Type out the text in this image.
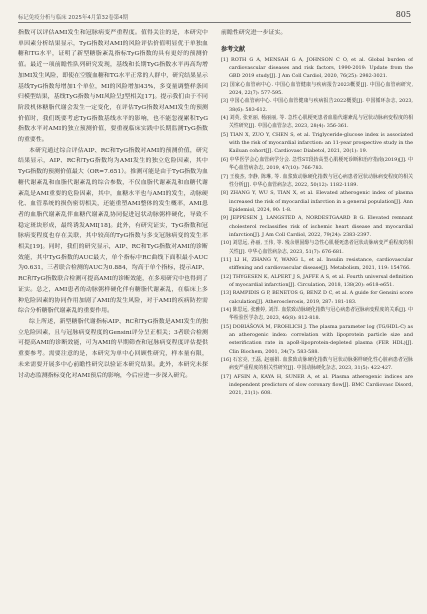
标记免疫分析与临床 2025年4月第32卷第4期	805

指数可以评估AMI发生和冠脉病变严重程度。值得关注的是，本研究中单因素分析结果显示，TyG指数对AMI的风险评估价值明显优于单独血糖和TG水平，证明了新型糖脂紊乱指标TyG指数的具有更好的预测价值。最近一项前瞻性队列研究发现，基线和长期TyG指数水平再高均增加MI发生风险，即使在空腹血糖和TG水平正常的人群中，研究结果显示基线TyG指数每增加1个单位，MI的风险增加43%，多变量调整样条回归模型结果，基线TyG指数与MI风险呈J型相关[17]。提示我们由于不同阶段机体糖脂代谢会发生一定变化，在评估TyG指数对AMI发生的预测价值时，我们既要考虑TyG指数基线水平的影响，也不能忽视累积TyG指数水平对AMI的独立预测价值，要重视临床实践中长期监测TyG指数的重要性。

本研究通过综合评估AIP、RC和TyG指数对AMI的预测价值，研究结果显示，AIP、RC和TyG指数均为AMI发生的独立危险因素，其中TyG指数的预测价值最大（OR=7.651）。推测可能是由于TyG指数为血糖代谢紊乱和血脂代谢紊乱的综合参数，不仅血脂代谢紊乱和血糖代谢紊乱是AMI重要的危险因素，其中，血糖水平也与AMI的发生，动脉硬化、血管系统的损伤密切相关，还能重塑AMI整体的发生概率，AMI患者的血脂代谢紊乱伴血糖代谢紊乱协同促进冠状动脉粥样硬化，导致不稳定斑块形成，最终诱发AMI[18]。此外，有研究证实，TyG指数和冠脉病变程度也存在关联，其中较高的TyG指数与多支冠脉病变的发生率相关[19]。同时，我们的研究显示，AIP、RC和TyG指数对AMI的诊断效能，其中TyG指数的AUC最大，单个指标中RC曲线下面积最小AUC为0.631，三者联合检测的AUC为0.884，均高于单个指标，提示AIP、RC和TyG指数联合检测可提高AMI的诊断效能，在多项研究中也得到了证实。总之，AMI患者的动脉粥样硬化伴有糖脂代谢紊乱，在临床上多种危险因素的协同作用加剧了AMI的发生风险，对于AMI的疾病防控需综合分析糖脂代谢紊乱的重要作用。

综上所述，新型糖脂代谢指标AIP、RC和TyG指数是AMI发生的独立危险因素，且与冠脉病变程度的Gensini评分呈正相关；3者联合检测可提高AMI的诊断效能，可为AMI的早期筛查和冠脉病变程度评估提供重要参考。需要注意的是，本研究为单中心回顾性研究，样本量有限，未来需要开展多中心前瞻性研究以验证本研究结果。此外，本研究未探讨动态监测指标变化对AMI预后的影响，今后应进一步深入研究。

前瞻性研究进一步证实。

参考文献

[1] ROTH G A, MENSAH G A, JOHNSON C O, et al. Global burden of cardiovascular diseases and risk factors, 1990-2019: Update from the GBD 2019 study[J]. J Am Coll Cardiol, 2020, 76(25): 2982-3021.

[2] 国家心血管病中心. 中国心血管健康与疾病报告2023概要[J]. 中国心血管病研究, 2024, 22(7): 577-595.

[3] 中国心血管病中心. 中国心血管健康与疾病报告2022概要[J]. 中国循环杂志, 2023, 38(6): 583-612.

[4] 刘英, 张亚丽, 杨丽丽, 等. 急性心肌梗死患者血脂代谢紊乱与冠状动脉病变程度的相关性研究[J]. 中国心血管杂志, 2023, 28(4): 356-361.

[5] TIAN X, ZUO Y, CHEN S, et al. Triglyceride-glucose index is associated with the risk of myocardial infarction: an 11-year prospective study in the Kailuan cohort[J]. Cardiovasc Diabetol, 2021, 20(1): 19.

[6] 中华医学会心血管病学分会. 急性ST段抬高型心肌梗死诊断和治疗指南(2019)[J]. 中华心血管病杂志, 2019, 47(10): 766-783.

[7] 王俊杰, 李静, 陈琳, 等. 血浆致动脉硬化指数与冠心病患者冠状动脉病变程度的相关性分析[J]. 中华心血管病杂志, 2022, 50(12): 1182-1189.

[8] ZHANG Y, WU S, TIAN X, et al. Elevated atherogenic index of plasma increased the risk of myocardial infarction in a general population[J]. Ann Epidemiol, 2024, 90: 1-8.

[9] JEPPESEN J, LANGSTED A, NORDESTGAARD B G. Elevated remnant cholesterol reclassifies risk of ischemic heart disease and myocardial infarction[J]. J Am Coll Cardiol, 2022, 79(24): 2383-2397.

[10] 刘思远, 孙丽, 王伟, 等. 残余胆固醇与急性心肌梗死患者冠状动脉病变严重程度的相关性[J]. 中华心血管病杂志, 2023, 51(7): 676-681.

[11] LI H, ZHANG Y, WANG L, et al. Insulin resistance, cardiovascular stiffening and cardiovascular disease[J]. Metabolism, 2021, 119: 154766.

[12] THYGESEN K, ALPERT J S, JAFFE A S, et al. Fourth universal definition of myocardial infarction[J]. Circulation, 2018, 138(20): e618-e651.

[13] RAMPIDIS G P, BENETOS G, BENZ D C, et al. A guide for Gensini score calculation[J]. Atherosclerosis, 2019, 287: 181-183.

[14] 陈思远, 张雅婷, 刘洋. 血浆致动脉硬化指数与冠心病患者冠脉病变程度的关系[J]. 中华检验医学杂志, 2023, 46(8): 812-818.

[15] DOBIÁŠOVÁ M, FROHLICH J. The plasma parameter log (TG/HDL-C) as an atherogenic index: correlation with lipoprotein particle size and esterification rate in apoB-lipoprotein-depleted plasma (FER HDL)[J]. Clin Biochem, 2001, 34(7): 583-588.

[16] 石宏亮, 王磊, 赵丽娟. 血浆致动脉硬化指数与冠状动脉粥样硬化性心脏病患者冠脉病变严重程度的相关性研究[J]. 中国动脉硬化杂志, 2023, 31(5): 422-427.

[17] AFSIN A, KAYA H, SUNER A, et al. Plasma atherogenic indices are independent predictors of slow coronary flow[J]. BMC Cardiovasc Disord, 2021, 21(1): 608.
